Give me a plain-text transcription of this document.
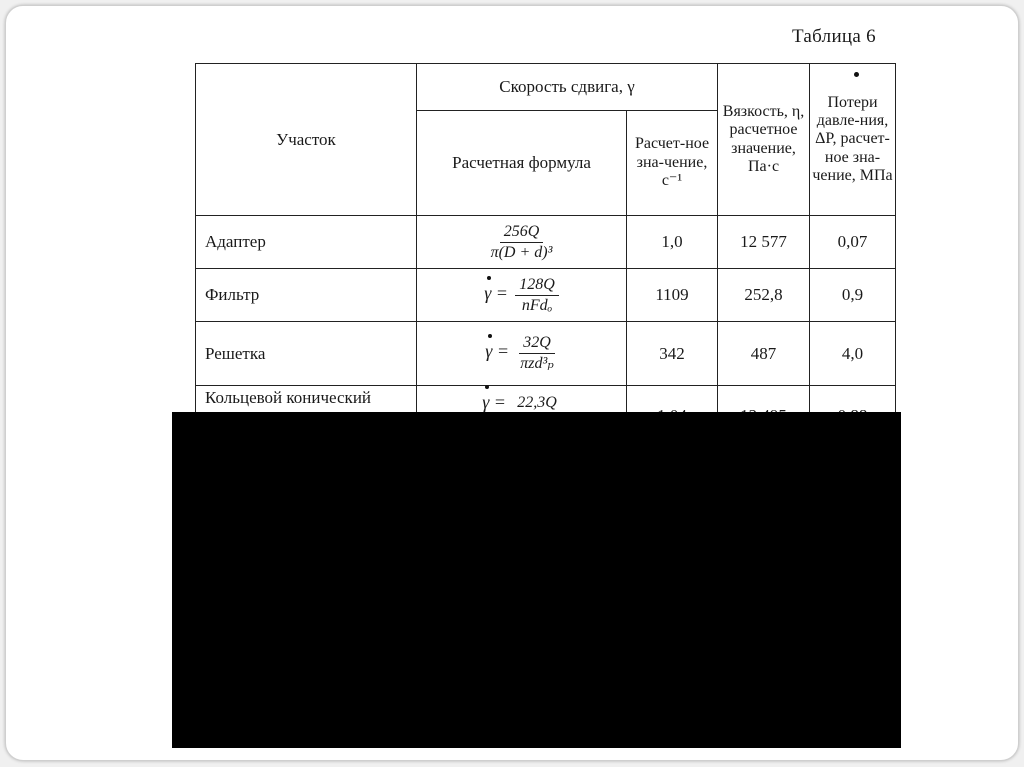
Таблица 6
Участок	Скорость сдвига, γ		Вязкость, η, расчетное значение, Па·с	Потери давле-ния, ΔP, расчет-ное зна-чение, МПа
	Расчетная формула	Расчет-ное зна-чение, с⁻¹		
Адаптер	$\frac{256Q}{\text{π(D + d)³}}$	1,0	12 577	0,07
Фильтр	$\gamma = \frac{128Q}{\text{nFdₒ}}$	1109	252,8	0,9
Решетка	$\gamma = \frac{32Q}{\text{πzd³ₚ}}$	342	487	4,0
Кольцевой конический	γ = 22,3Q
